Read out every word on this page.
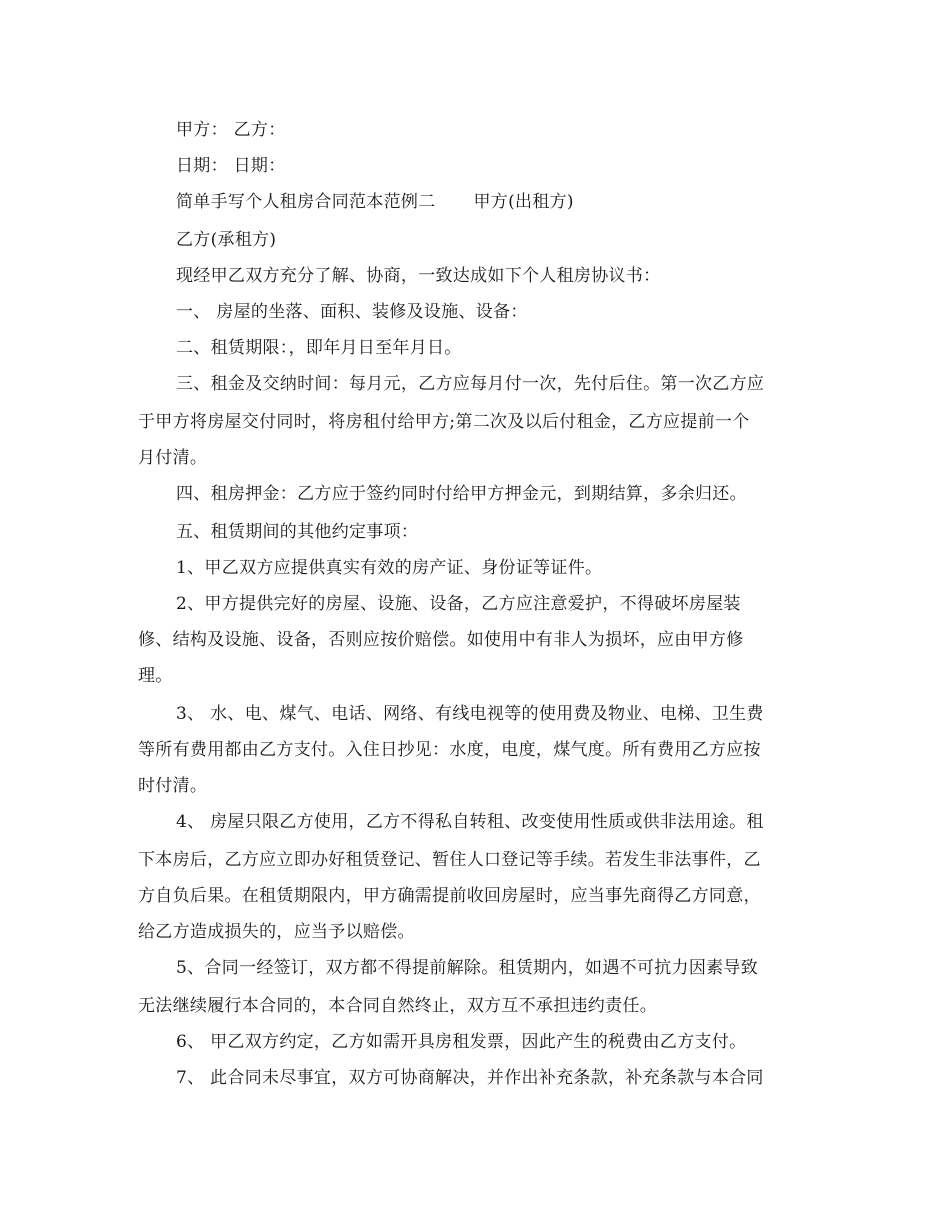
甲方： 乙方：
日期： 日期：
简单手写个人租房合同范本范例二 甲方(出租方)
乙方(承租方)
现经甲乙双方充分了解、协商，一致达成如下个人租房协议书：
一、 房屋的坐落、面积、装修及设施、设备：
二、租赁期限：，即年月日至年月日。
三、租金及交纳时间：每月元，乙方应每月付一次，先付后住。第一次乙方应
于甲方将房屋交付同时，将房租付给甲方;第二次及以后付租金，乙方应提前一个
月付清。
四、租房押金：乙方应于签约同时付给甲方押金元，到期结算，多余归还。
五、租赁期间的其他约定事项：
1、甲乙双方应提供真实有效的房产证、身份证等证件。
2、甲方提供完好的房屋、设施、设备，乙方应注意爱护，不得破坏房屋装
修、结构及设施、设备，否则应按价赔偿。如使用中有非人为损坏，应由甲方修
理。
3、 水、电、煤气、电话、网络、有线电视等的使用费及物业、电梯、卫生费
等所有费用都由乙方支付。入住日抄见：水度，电度，煤气度。所有费用乙方应按
时付清。
4、 房屋只限乙方使用，乙方不得私自转租、改变使用性质或供非法用途。租
下本房后，乙方应立即办好租赁登记、暂住人口登记等手续。若发生非法事件，乙
方自负后果。在租赁期限内，甲方确需提前收回房屋时，应当事先商得乙方同意，
给乙方造成损失的，应当予以赔偿。
5、合同一经签订，双方都不得提前解除。租赁期内，如遇不可抗力因素导致
无法继续履行本合同的，本合同自然终止，双方互不承担违约责任。
6、 甲乙双方约定，乙方如需开具房租发票，因此产生的税费由乙方支付。
7、 此合同未尽事宜，双方可协商解决，并作出补充条款，补充条款与本合同
